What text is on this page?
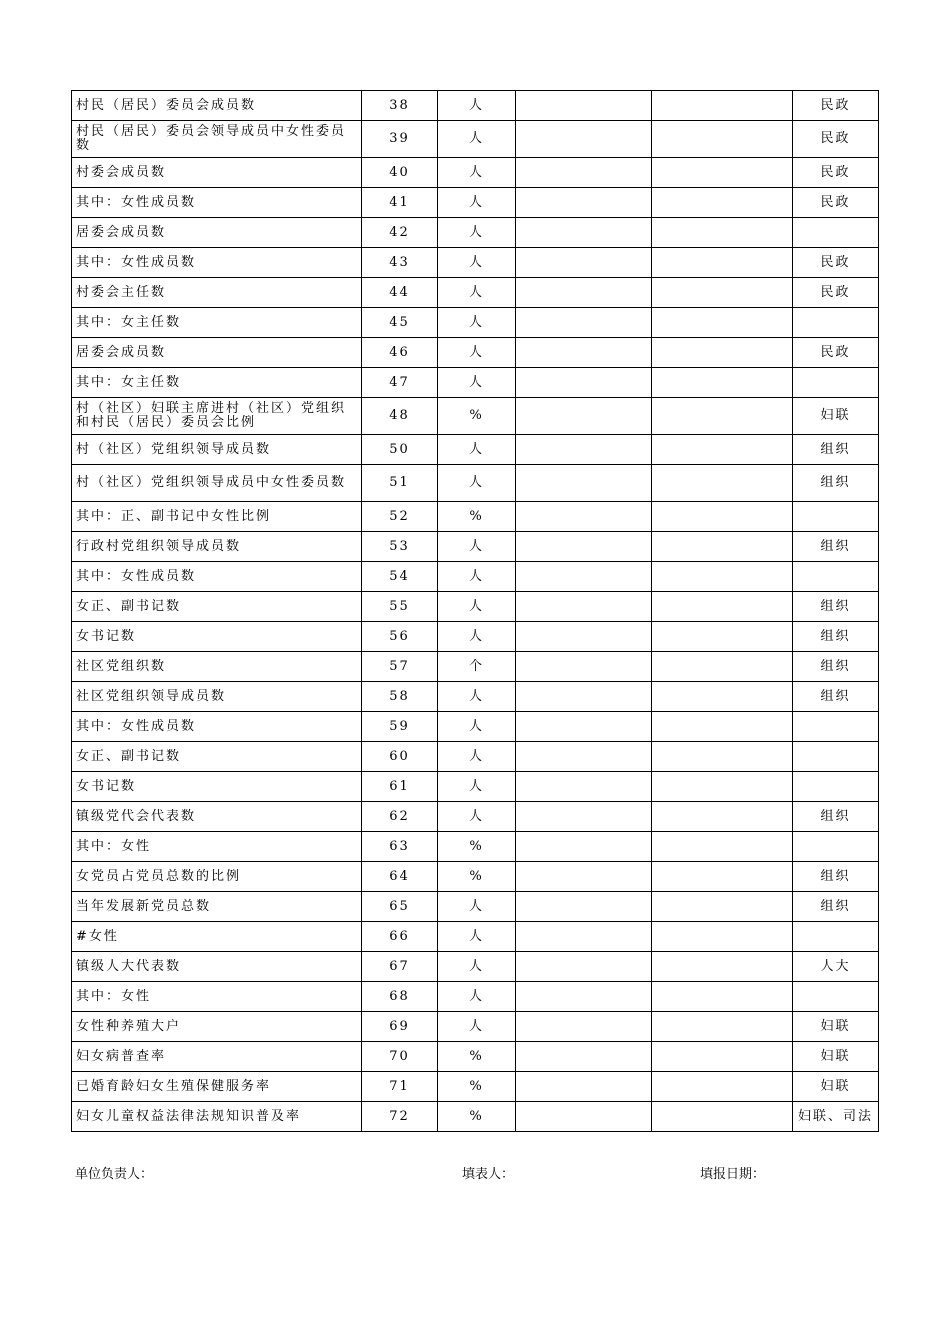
村民（居民）委员会成员数	38	人			民政
村民（居民）委员会领导成员中女性委员数	39	人			民政
村委会成员数	40	人			民政
其中：女性成员数	41	人			民政
居委会成员数	42	人			
其中：女性成员数	43	人			民政
村委会主任数	44	人			民政
其中：女主任数	45	人			
居委会成员数	46	人			民政
其中：女主任数	47	人			
村（社区）妇联主席进村（社区）党组织和村民（居民）委员会比例	48	%			妇联
村（社区）党组织领导成员数	50	人			组织
村（社区）党组织领导成员中女性委员数	51	人			组织
其中：正、副书记中女性比例	52	%			
行政村党组织领导成员数	53	人			组织
其中：女性成员数	54	人			
女正、副书记数	55	人			组织
女书记数	56	人			组织
社区党组织数	57	个			组织
社区党组织领导成员数	58	人			组织
其中：女性成员数	59	人			
女正、副书记数	60	人			
女书记数	61	人			
镇级党代会代表数	62	人			组织
其中：女性	63	%			
女党员占党员总数的比例	64	%			组织
当年发展新党员总数	65	人			组织
#女性	66	人			
镇级人大代表数	67	人			人大
其中：女性	68	人			
女性种养殖大户	69	人			妇联
妇女病普查率	70	%			妇联
已婚育龄妇女生殖保健服务率	71	%			妇联
妇女儿童权益法律法规知识普及率	72	%			妇联、司法
单位负责人：	填表人：	填报日期：
